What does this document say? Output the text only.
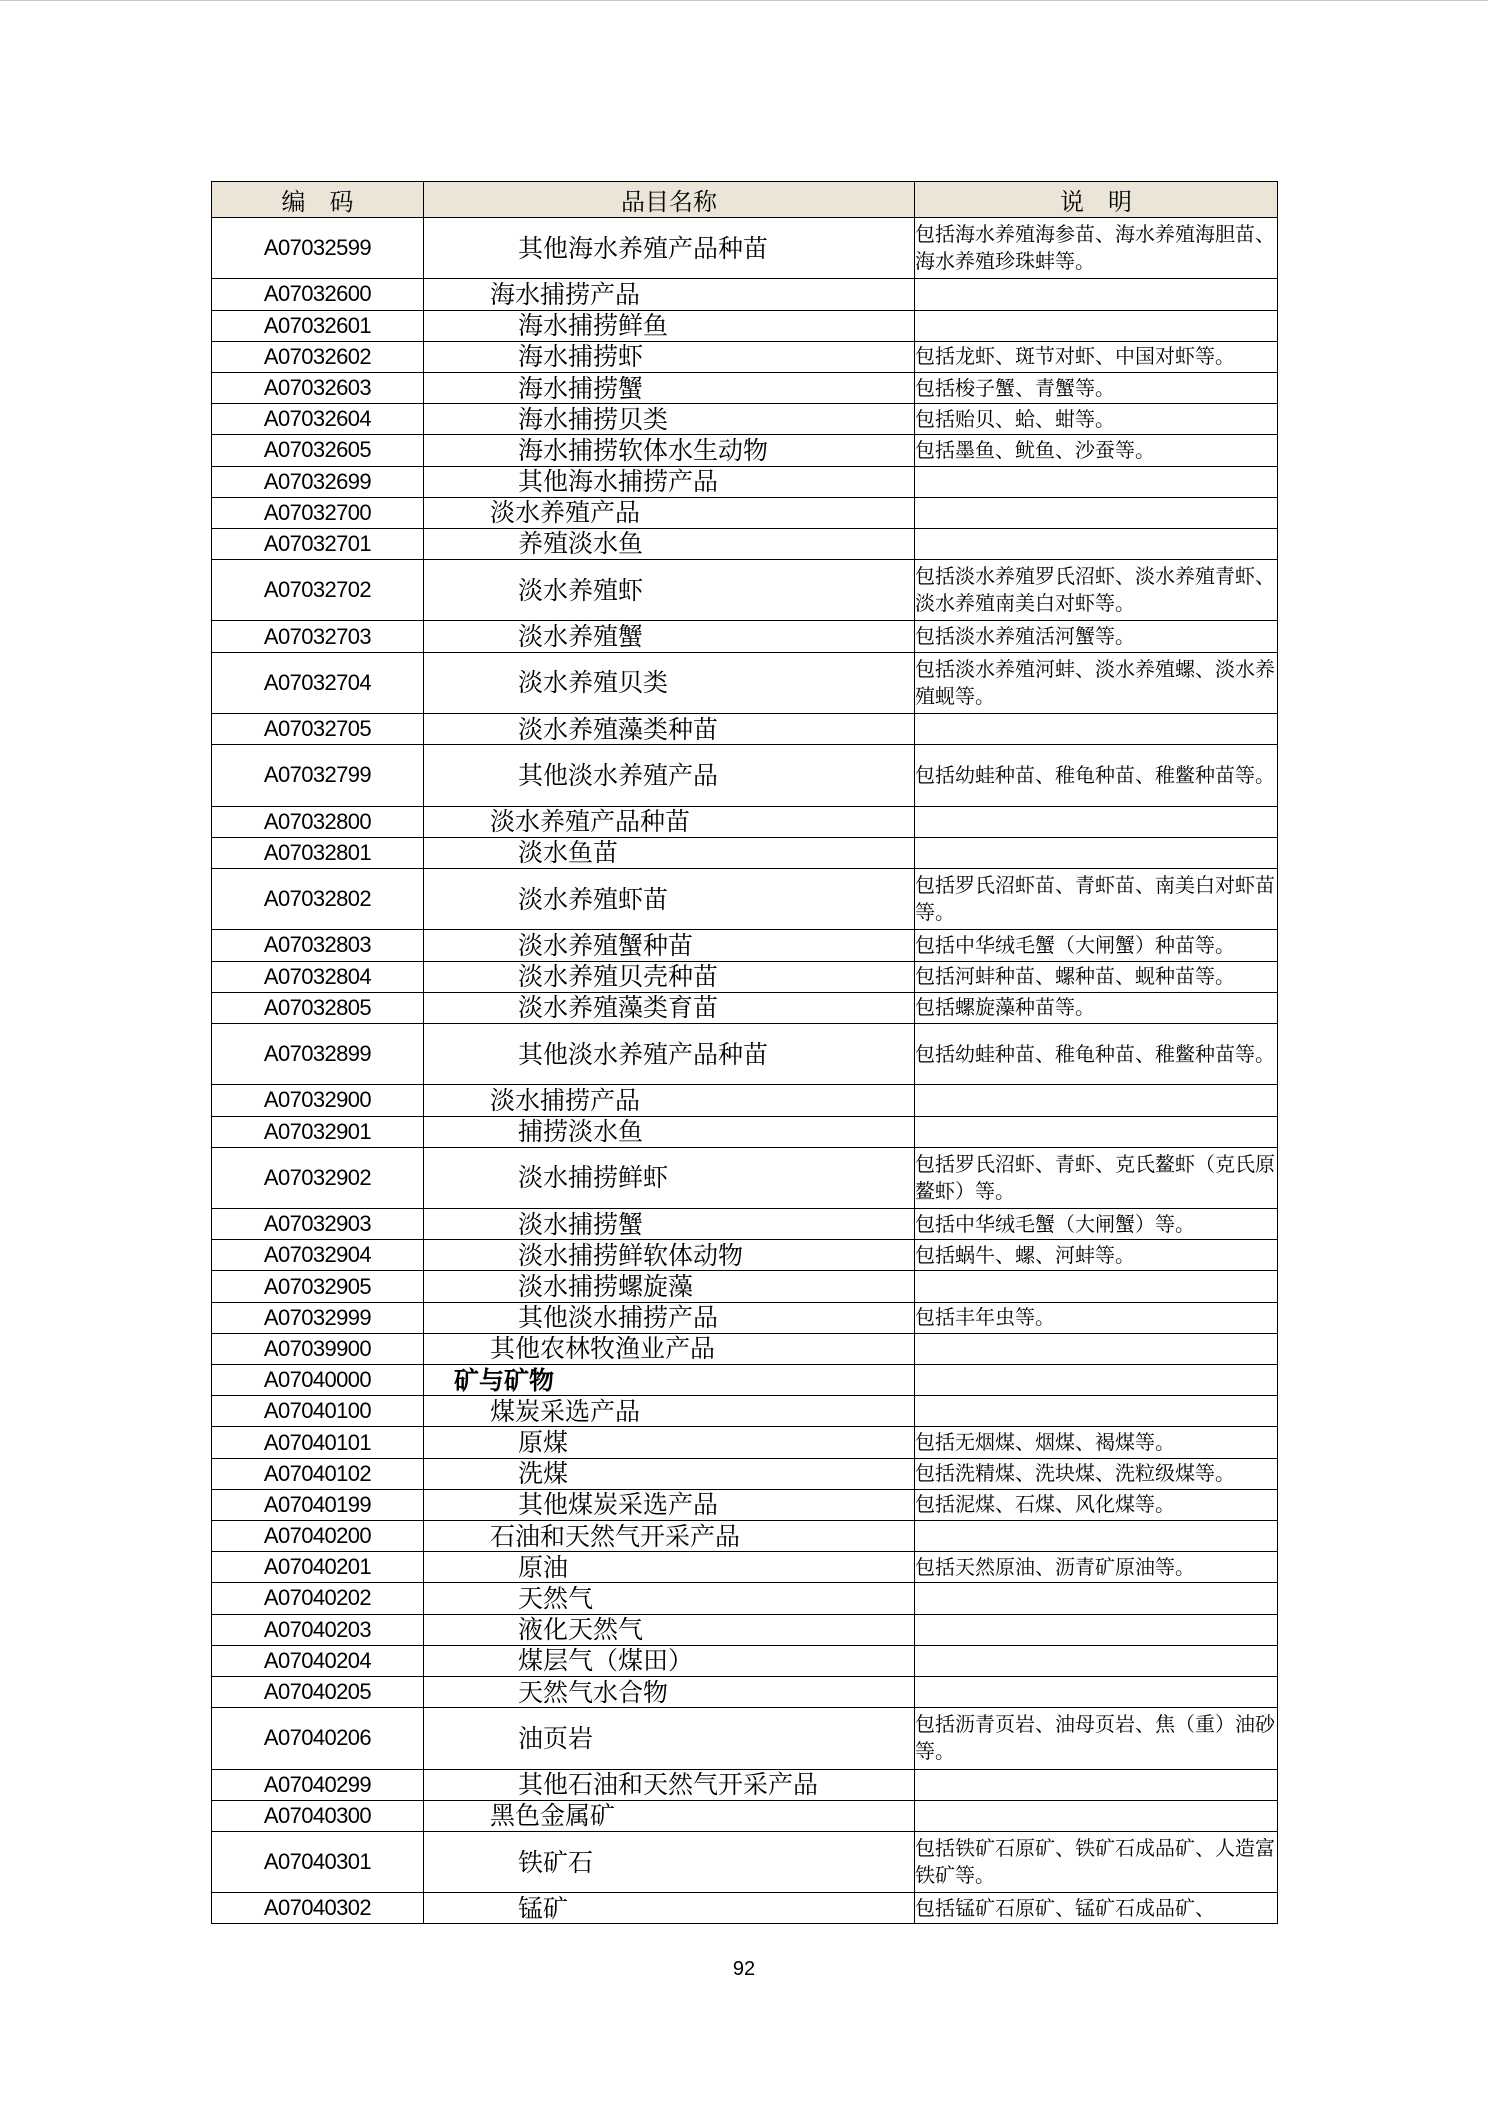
编　码	品目名称	说　明
A07032599	其他海水养殖产品种苗	包括海水养殖海参苗、海水养殖海胆苗、海水养殖珍珠蚌等。
A07032600	海水捕捞产品	

A07032601	海水捕捞鲜鱼	

A07032602	海水捕捞虾	包括龙虾、斑节对虾、中国对虾等。
A07032603	海水捕捞蟹	包括梭子蟹、青蟹等。
A07032604	海水捕捞贝类	包括贻贝、蛤、蚶等。
A07032605	海水捕捞软体水生动物	包括墨鱼、鱿鱼、沙蚕等。
A07032699	其他海水捕捞产品	

A07032700	淡水养殖产品	

A07032701	养殖淡水鱼	

A07032702	淡水养殖虾	包括淡水养殖罗氏沼虾、淡水养殖青虾、淡水养殖南美白对虾等。
A07032703	淡水养殖蟹	包括淡水养殖活河蟹等。
A07032704	淡水养殖贝类	包括淡水养殖河蚌、淡水养殖螺、淡水养殖蚬等。
A07032705	淡水养殖藻类种苗	

A07032799	其他淡水养殖产品	包括幼蛙种苗、稚龟种苗、稚鳖种苗等。
A07032800	淡水养殖产品种苗	

A07032801	淡水鱼苗	

A07032802	淡水养殖虾苗	包括罗氏沼虾苗、青虾苗、南美白对虾苗等。
A07032803	淡水养殖蟹种苗	包括中华绒毛蟹（大闸蟹）种苗等。
A07032804	淡水养殖贝壳种苗	包括河蚌种苗、螺种苗、蚬种苗等。
A07032805	淡水养殖藻类育苗	包括螺旋藻种苗等。
A07032899	其他淡水养殖产品种苗	包括幼蛙种苗、稚龟种苗、稚鳖种苗等。
A07032900	淡水捕捞产品	

A07032901	捕捞淡水鱼	

A07032902	淡水捕捞鲜虾	包括罗氏沼虾、青虾、克氏鳌虾（克氏原鳌虾）等。
A07032903	淡水捕捞蟹	包括中华绒毛蟹（大闸蟹）等。
A07032904	淡水捕捞鲜软体动物	包括蜗牛、螺、河蚌等。
A07032905	淡水捕捞螺旋藻	

A07032999	其他淡水捕捞产品	包括丰年虫等。
A07039900	其他农林牧渔业产品	

A07040000	矿与矿物	

A07040100	煤炭采选产品	

A07040101	原煤	包括无烟煤、烟煤、褐煤等。
A07040102	洗煤	包括洗精煤、洗块煤、洗粒级煤等。
A07040199	其他煤炭采选产品	包括泥煤、石煤、风化煤等。
A07040200	石油和天然气开采产品	

A07040201	原油	包括天然原油、沥青矿原油等。
A07040202	天然气	

A07040203	液化天然气	

A07040204	煤层气（煤田）	

A07040205	天然气水合物	

A07040206	油页岩	包括沥青页岩、油母页岩、焦（重）油砂等。
A07040299	其他石油和天然气开采产品	

A07040300	黑色金属矿	

A07040301	铁矿石	包括铁矿石原矿、铁矿石成品矿、人造富铁矿等。
A07040302	锰矿	包括锰矿石原矿、锰矿石成品矿、
92
